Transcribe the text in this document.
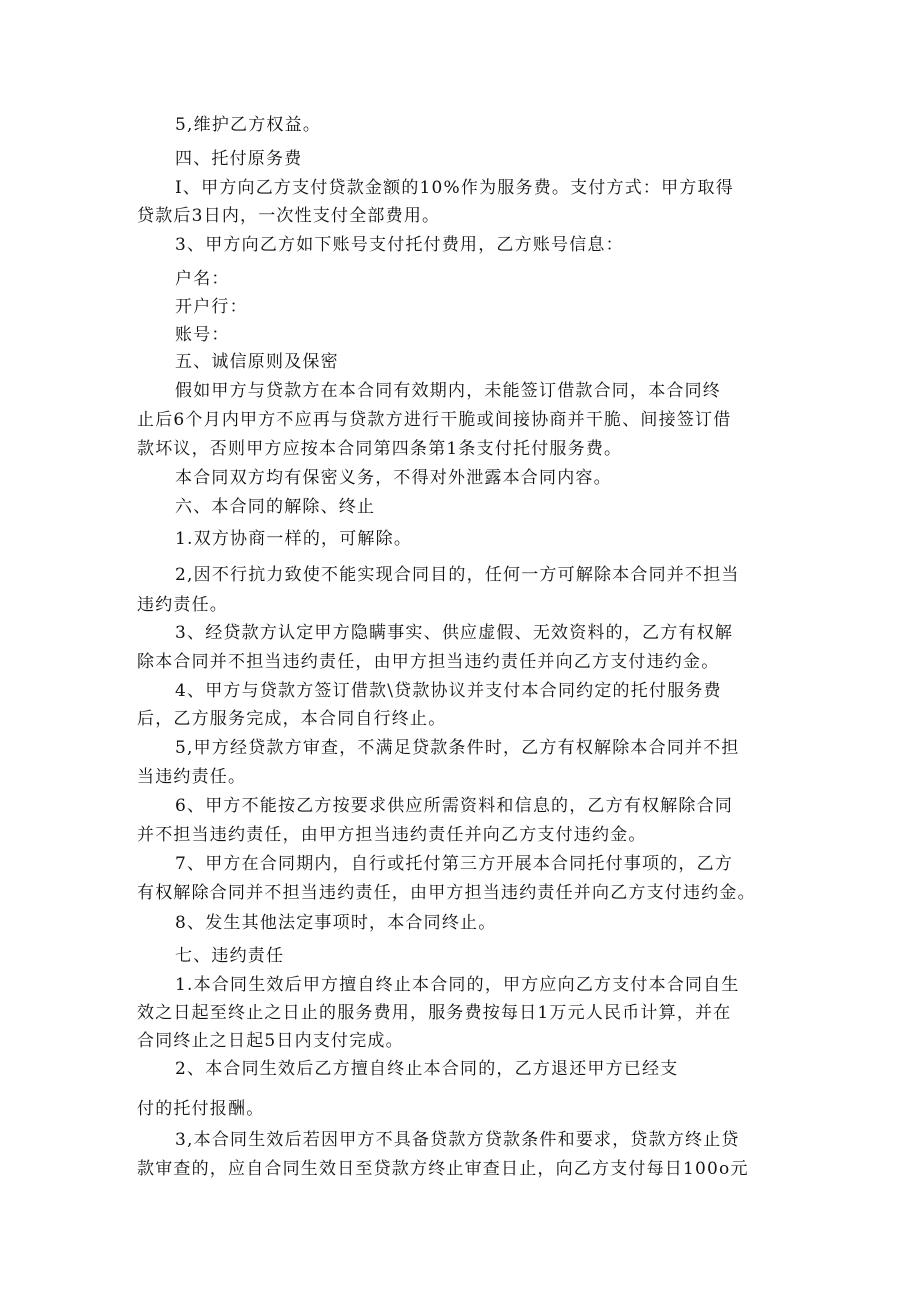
5,维护乙方权益。
四、托付原务费
I、甲方向乙方支付贷款金额的10%作为服务费。支付方式：甲方取得
贷款后3日内，一次性支付全部费用。
3、甲方向乙方如下账号支付托付费用，乙方账号信息：
户名：
开户行：
账号：
五、诚信原则及保密
假如甲方与贷款方在本合同有效期内，未能签订借款合同，本合同终
止后6个月内甲方不应再与贷款方进行干脆或间接协商并干脆、间接签订借
款坏议，否则甲方应按本合同第四条第1条支付托付服务费。
本合同双方均有保密义务，不得对外泄露本合同内容。
六、本合同的解除、终止
1.双方协商一样的，可解除。
2,因不行抗力致使不能实现合同目的，任何一方可解除本合同并不担当
违约责任。
3、经贷款方认定甲方隐瞒事实、供应虚假、无效资料的，乙方有权解
除本合同并不担当违约责任，由甲方担当违约责任并向乙方支付违约金。
4、甲方与贷款方签订借款\贷款协议并支付本合同约定的托付服务费
后，乙方服务完成，本合同自行终止。
5,甲方经贷款方审查，不满足贷款条件时，乙方有权解除本合同并不担
当违约责任。
6、甲方不能按乙方按要求供应所需资料和信息的，乙方有权解除合同
并不担当违约责任，由甲方担当违约责任并向乙方支付违约金。
7、甲方在合同期内，自行或托付第三方开展本合同托付事项的，乙方
有权解除合同并不担当违约责任，由甲方担当违约责任并向乙方支付违约金。
8、发生其他法定事项时，本合同终止。
七、违约责任
1.本合同生效后甲方擅自终止本合同的，甲方应向乙方支付本合同自生
效之日起至终止之日止的服务费用，服务费按每日1万元人民币计算，并在
合同终止之日起5日内支付完成。
2、本合同生效后乙方擅自终止本合同的，乙方退还甲方已经支
付的托付报酬。
3,本合同生效后若因甲方不具备贷款方贷款条件和要求，贷款方终止贷
款审查的，应自合同生效日至贷款方终止审查日止，向乙方支付每日100o元
